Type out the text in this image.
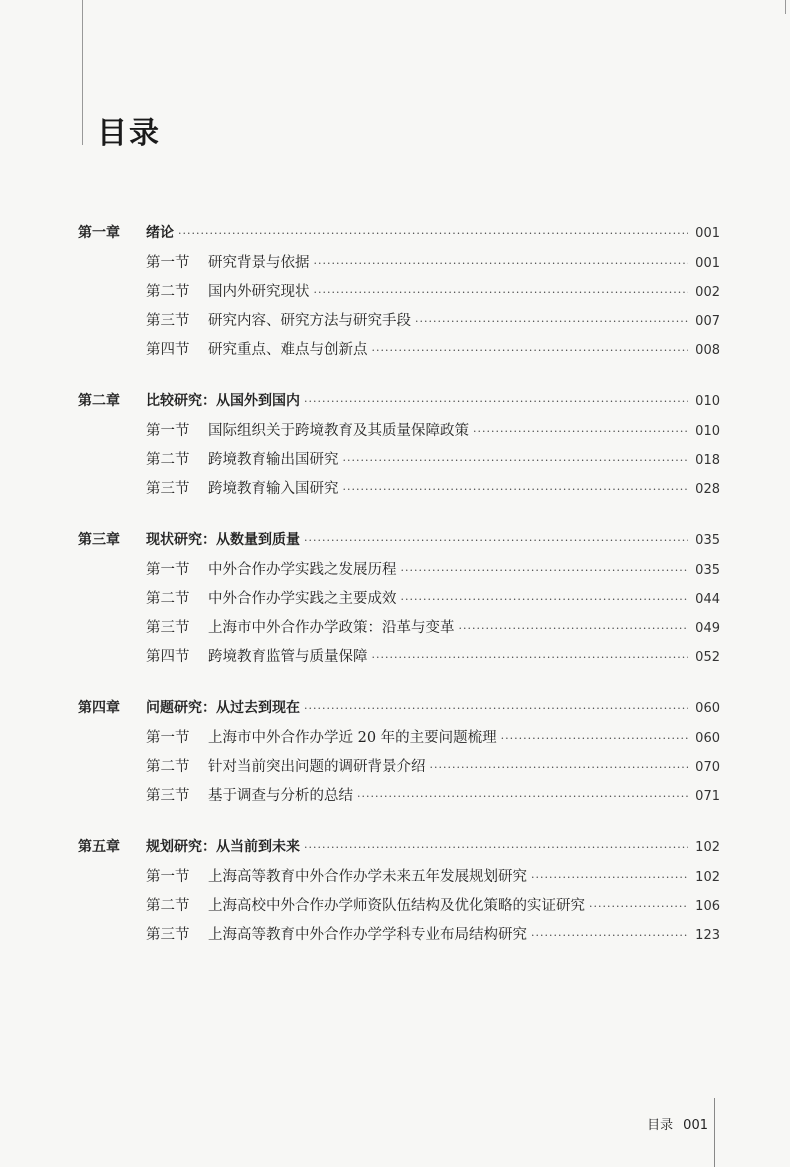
目录
第一章	绪论 ·····	001
第一节	研究背景与依据 ·····	001
第二节	国内外研究现状 ·····	002
第三节	研究内容、研究方法与研究手段 ·····	007
第四节	研究重点、难点与创新点 ·····	008
第二章	比较研究：从国外到国内 ·····	010
第一节	国际组织关于跨境教育及其质量保障政策 ·····	010
第二节	跨境教育输出国研究 ·····	018
第三节	跨境教育输入国研究 ·····	028
第三章	现状研究：从数量到质量 ·····	035
第一节	中外合作办学实践之发展历程 ·····	035
第二节	中外合作办学实践之主要成效 ·····	044
第三节	上海市中外合作办学政策：沿革与变革 ·····	049
第四节	跨境教育监管与质量保障 ·····	052
第四章	问题研究：从过去到现在 ·····	060
第一节	上海市中外合作办学近 20 年的主要问题梳理 ·····	060
第二节	针对当前突出问题的调研背景介绍 ·····	070
第三节	基于调查与分析的总结 ·····	071
第五章	规划研究：从当前到未来 ·····	102
第一节	上海高等教育中外合作办学未来五年发展规划研究 ·····	102
第二节	上海高校中外合作办学师资队伍结构及优化策略的实证研究 ·····	106
第三节	上海高等教育中外合作办学学科专业布局结构研究 ·····	123
目录 001
